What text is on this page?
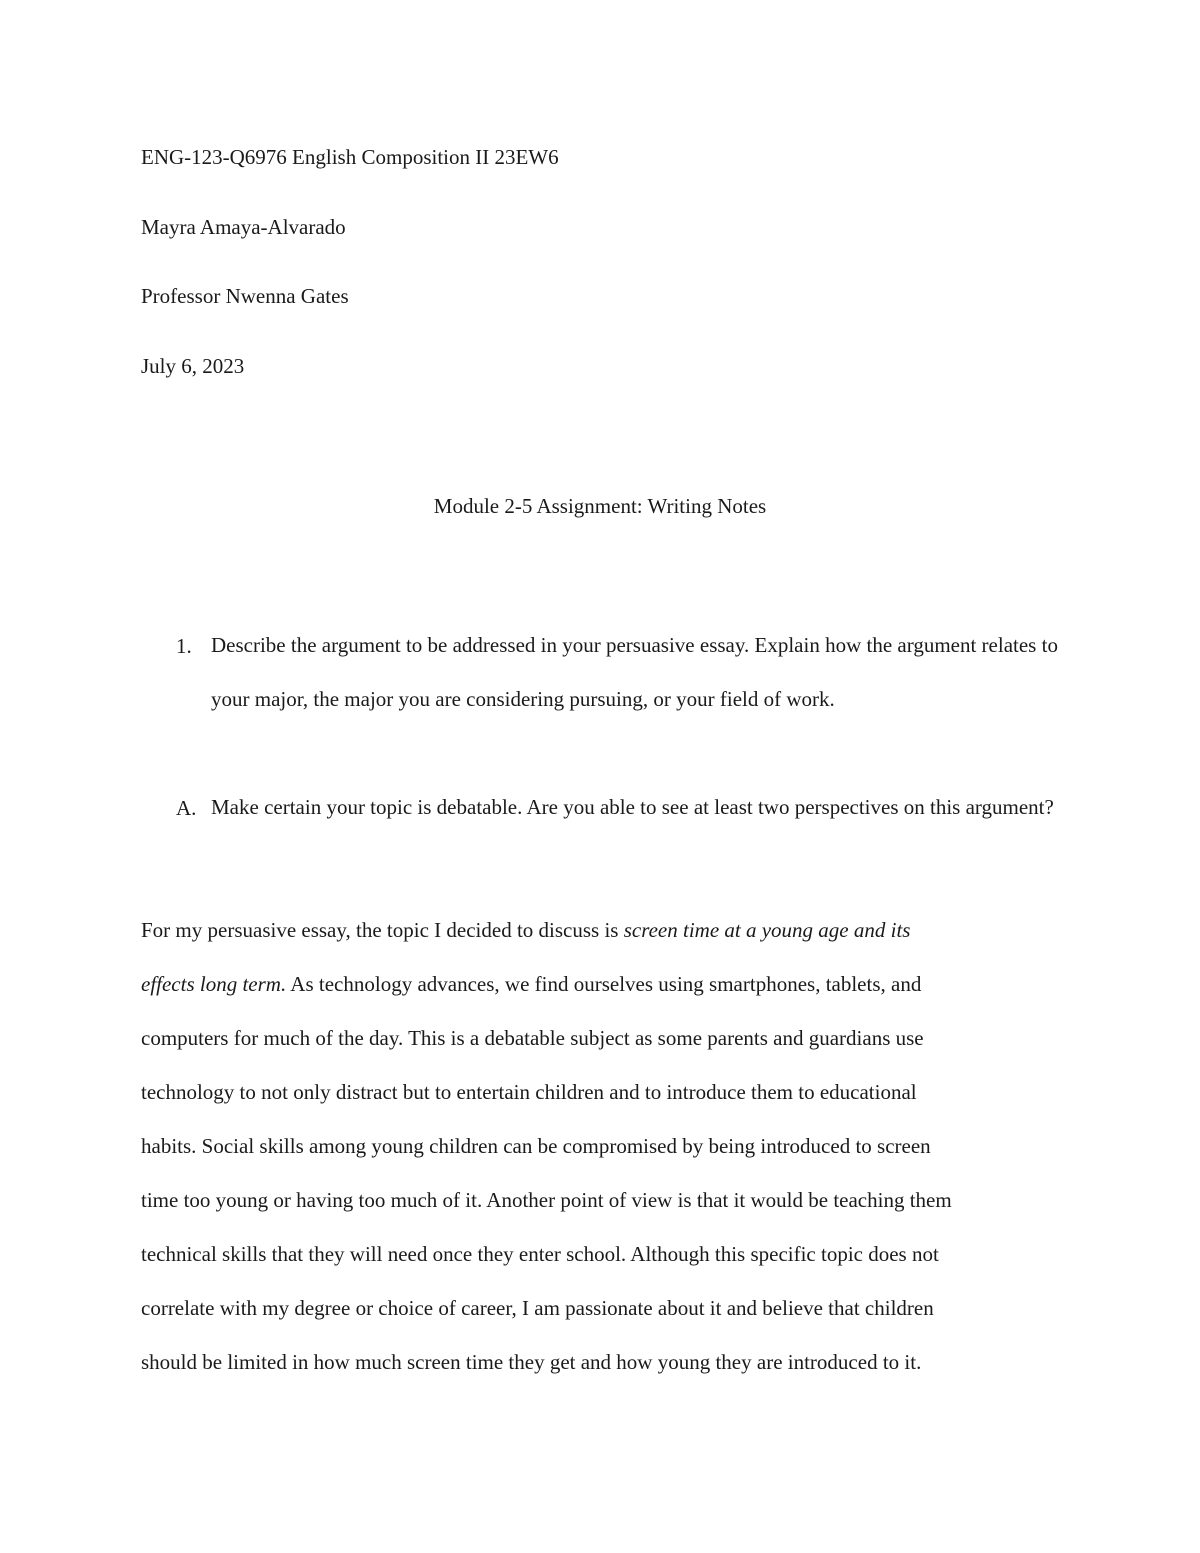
ENG-123-Q6976 English Composition II 23EW6
Mayra Amaya-Alvarado
Professor Nwenna Gates
July 6, 2023
Module 2-5 Assignment: Writing Notes
1. Describe the argument to be addressed in your persuasive essay. Explain how the argument relates to your major, the major you are considering pursuing, or your field of work.
A. Make certain your topic is debatable. Are you able to see at least two perspectives on this argument?
For my persuasive essay, the topic I decided to discuss is screen time at a young age and its
effects long term. As technology advances, we find ourselves using smartphones, tablets, and
computers for much of the day. This is a debatable subject as some parents and guardians use
technology to not only distract but to entertain children and to introduce them to educational
habits. Social skills among young children can be compromised by being introduced to screen
time too young or having too much of it. Another point of view is that it would be teaching them
technical skills that they will need once they enter school. Although this specific topic does not
correlate with my degree or choice of career, I am passionate about it and believe that children
should be limited in how much screen time they get and how young they are introduced to it.
